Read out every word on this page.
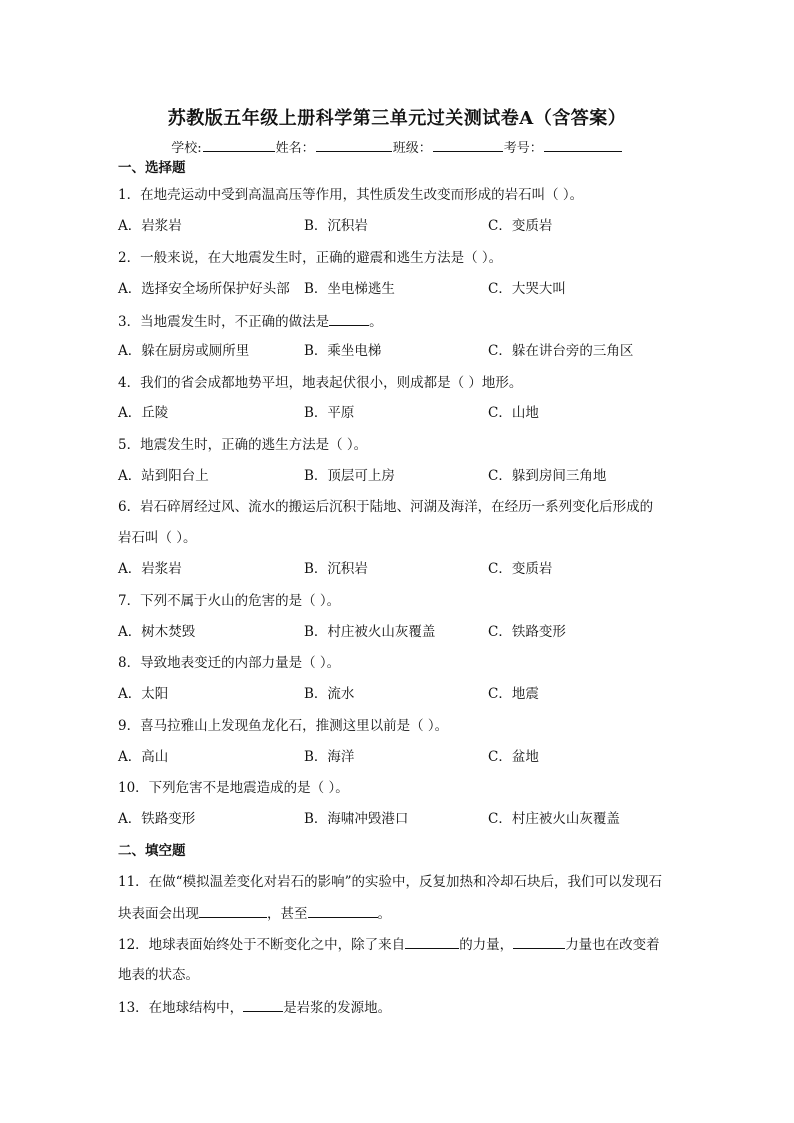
苏教版五年级上册科学第三单元过关测试卷A（含答案）
学校:	姓名：	班级：	考号：
一、选择题
1．在地壳运动中受到高温高压等作用，其性质发生改变而形成的岩石叫（ ）。
A．岩浆岩	B．沉积岩	C．变质岩
2．一般来说，在大地震发生时，正确的避震和逃生方法是（ ）。
A．选择安全场所保护好头部 B．坐电梯逃生	C．大哭大叫
3．当地震发生时，不正确的做法是	。
A．躲在厨房或厕所里	B．乘坐电梯	C．躲在讲台旁的三角区
4．我们的省会成都地势平坦，地表起伏很小，则成都是（ ）地形。
A．丘陵	B．平原	C．山地
5．地震发生时，正确的逃生方法是（ ）。
A．站到阳台上	B．顶层可上房	C．躲到房间三角地
6．岩石碎屑经过风、流水的搬运后沉积于陆地、河湖及海洋，在经历一系列变化后形成的
岩石叫（ ）。
A．岩浆岩	B．沉积岩	C．变质岩
7．下列不属于火山的危害的是（ ）。
A．树木焚毁	B．村庄被火山灰覆盖	C．铁路变形
8．导致地表变迁的内部力量是（ ）。
A．太阳	B．流水	C．地震
9．喜马拉雅山上发现鱼龙化石，推测这里以前是（ ）。
A．高山	B．海洋	C．盆地
10．下列危害不是地震造成的是（ ）。
A．铁路变形	B．海啸冲毁港口	C．村庄被火山灰覆盖
二、填空题
11．在做“模拟温差变化对岩石的影响”的实验中，反复加热和冷却石块后，我们可以发现石
块表面会出现	，甚至	。
12．地球表面始终处于不断变化之中，除了来自	的力量，	力量也在改变着
地表的状态。
13．在地球结构中，	是岩浆的发源地。
